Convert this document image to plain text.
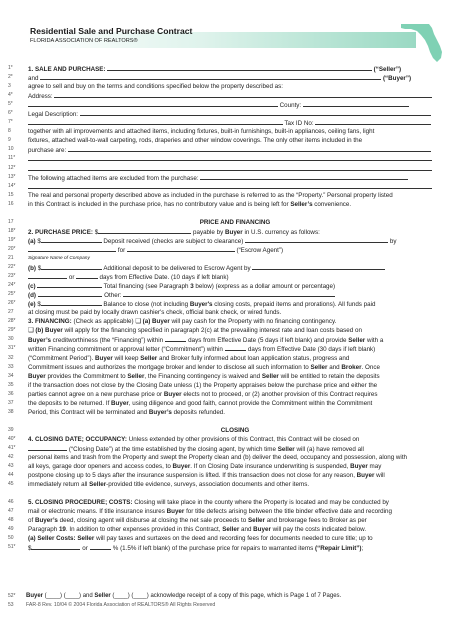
Residential Sale and Purchase Contract
FLORIDA ASSOCIATION OF REALTORS®
1*	1. SALE AND PURCHASE:	(“Seller”)
2*	and	(“Buyer”)
3	agree to sell and buy on the terms and conditions specified below the property described as:
4*	Address:
5*	County:
6*	Legal Description:
7*	Tax ID No:
8	together with all improvements and attached items, including fixtures, built-in furnishings, built-in appliances, ceiling fans, light
9	fixtures, attached wall-to-wall carpeting, rods, draperies and other window coverings. The only other items included in the
10	purchase are:
11*
12*
13*	The following attached items are excluded from the purchase:
14*
15	The real and personal property described above as included in the purchase is referred to as the “Property.” Personal property listed
16	in this Contract is included in the purchase price, has no contributory value and is being left for Seller’s convenience.
17	PRICE AND FINANCING
18*	2. PURCHASE PRICE: $	payable by Buyer in U.S. currency as follows:
19*	(a) $	Deposit received (checks are subject to clearance)	by
20*	for	(“Escrow Agent”)
21	Signature Name of Company
22*	(b) $	Additional deposit to be delivered to Escrow Agent by
23*	or	days from Effective Date. (10 days if left blank)
24*	(c)	Total financing (see Paragraph 3 below) (express as a dollar amount or percentage)
25*	(d)	Other:
26*	(e) $	Balance to close (not including Buyer's closing costs, prepaid items and prorations). All funds paid
27	at closing must be paid by locally drawn cashier's check, official bank check, or wired funds.
28*	3. FINANCING: (Check as applicable) ❑ (a) Buyer will pay cash for the Property with no financing contingency.
29*	❑ (b) Buyer will apply for the financing specified in paragraph 2(c) at the prevailing interest rate and loan costs based on
30	Buyer’s creditworthiness (the “Financing”) within	days from Effective Date (5 days if left blank) and provide Seller with a
31*	written Financing commitment or approval letter (“Commitment”) within	days from Effective Date (30 days if left blank)
32	(“Commitment Period”). Buyer will keep Seller and Broker fully informed about loan application status, progress and
33	Commitment issues and authorizes the mortgage broker and lender to disclose all such information to Seller and Broker. Once
34	Buyer provides the Commitment to Seller, the Financing contingency is waived and Seller will be entitled to retain the deposits
35	if the transaction does not close by the Closing Date unless (1) the Property appraises below the purchase price and either the
36	parties cannot agree on a new purchase price or Buyer elects not to proceed, or (2) another provision of this Contract requires
37	the deposits to be returned. If Buyer, using diligence and good faith, cannot provide the Commitment within the Commitment
38	Period, this Contract will be terminated and Buyer’s deposits refunded.
39	CLOSING
40*	4. CLOSING DATE; OCCUPANCY: Unless extended by other provisions of this Contract, this Contract will be closed on
41*	(“Closing Date”) at the time established by the closing agent, by which time Seller will (a) have removed all
42	personal items and trash from the Property and swept the Property clean and (b) deliver the deed, occupancy and possession, along with
43	all keys, garage door openers and access codes, to Buyer. If on Closing Date insurance underwriting is suspended, Buyer may
44	postpone closing up to 5 days after the insurance suspension is lifted. If this transaction does not close for any reason, Buyer will
45	immediately return all Seller-provided title evidence, surveys, association documents and other items.
46	5. CLOSING PROCEDURE; COSTS: Closing will take place in the county where the Property is located and may be conducted by
47	mail or electronic means. If title insurance insures Buyer for title defects arising between the title binder effective date and recording
48	of Buyer’s deed, closing agent will disburse at closing the net sale proceeds to Seller and brokerage fees to Broker as per
49	Paragraph 19. In addition to other expenses provided in this Contract, Seller and Buyer will pay the costs indicated below.
50	(a) Seller Costs: Seller will pay taxes and surtaxes on the deed and recording fees for documents needed to cure title; up to
51*	$	or	% (1.5% if left blank) of the purchase price for repairs to warranted items (“Repair Limit”);
52* Buyer (____) (____) and Seller (____) (____) acknowledge receipt of a copy of this page, which is Page 1 of 7 Pages.
53 FAR-8 Rev. 10/04 © 2004 Florida Association of REALTORS® All Rights Reserved
